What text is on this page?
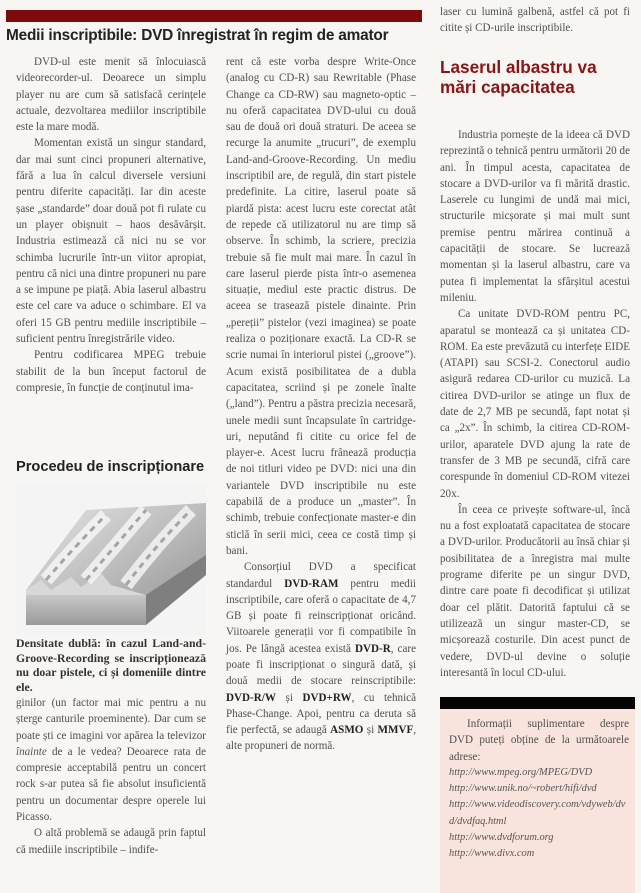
Medii inscriptibile: DVD înregistrat în regim de amator

DVD-ul este menit să înlocuiască videorecorder-ul. Deoarece un simplu player nu are cum să satisfacă cerințele actuale, dezvoltarea mediilor inscriptibile este la mare modă.

Momentan există un singur standard, dar mai sunt cinci propuneri alternative, fără a lua în calcul diversele versiuni pentru diferite capacități. Iar din aceste șase „standarde” doar două pot fi rulate cu un player obișnuit – haos desăvârșit. Industria estimează că nici nu se vor schimba lucrurile într-un viitor apropiat, pentru că nici una dintre propuneri nu pare a se impune pe piață. Abia laserul albastru este cel care va aduce o schimbare. El va oferi 15 GB pentru mediile inscriptibile – suficient pentru înregistrările video.

Pentru codificarea MPEG trebuie stabilit de la bun început factorul de compresie, în funcție de conținutul ima-

Procedeu de inscripționare
Densitate dublă: în cazul Land-and-Groove-Recording se inscripționează nu doar pistele, ci și domeniile dintre ele.

ginilor (un factor mai mic pentru a nu șterge canturile proeminente). Dar cum se poate ști ce imagini vor apărea la televizor înainte de a le vedea? Deoarece rata de compresie acceptabilă pentru un concert rock s-ar putea să fie absolut insuficientă pentru un documentar despre operele lui Picasso.

O altă problemă se adaugă prin faptul că mediile inscriptibile – indife-

rent că este vorba despre Write-Once (analog cu CD-R) sau Rewritable (Phase Change ca CD-RW) sau magneto-optic – nu oferă capacitatea DVD-ului cu două sau de două ori două straturi. De aceea se recurge la anumite „trucuri”, de exemplu Land-and-Groove-Recording. Un mediu inscriptibil are, de regulă, din start pistele predefinite. La citire, laserul poate să piardă pista: acest lucru este corectat atât de repede că utilizatorul nu are timp să observe. În schimb, la scriere, precizia trebuie să fie mult mai mare. În cazul în care laserul pierde pista într-o asemenea situație, mediul este practic distrus. De aceea se trasează pistele dinainte. Prin „pereții” pistelor (vezi imaginea) se poate realiza o poziționare exactă. La CD-R se scrie numai în interiorul pistei („groove”). Acum există posibilitatea de a dubla capacitatea, scriind și pe zonele înalte („land”). Pentru a păstra precizia necesară, unele medii sunt încapsulate în cartridge-uri, neputând fi citite cu orice fel de player-e. Acest lucru frânează producția de noi titluri video pe DVD: nici una din variantele DVD inscriptibile nu este capabilă de a produce un „master”. În schimb, trebuie confecționate master-e din sticlă în serii mici, ceea ce costă timp și bani.

Consorțiul DVD a specificat standardul DVD-RAM pentru medii inscriptibile, care oferă o capacitate de 4,7 GB și poate fi reinscripționat oricând. Viitoarele generații vor fi compatibile în jos. Pe lângă acestea există DVD-R, care poate fi inscripționat o singură dată, și două medii de stocare reinscriptibile: DVD-R/W și DVD+RW, cu tehnică Phase-Change. Apoi, pentru ca deruta să fie perfectă, se adaugă ASMO și MMVF, alte propuneri de normă.

laser cu lumină galbenă, astfel că pot fi citite și CD-urile inscriptibile.

Laserul albastru va mări capacitatea

Industria pornește de la ideea că DVD reprezintă o tehnică pentru următorii 20 de ani. În timpul acesta, capacitatea de stocare a DVD-urilor va fi mărită drastic. Laserele cu lungimi de undă mai mici, structurile micșorate și mai mult sunt premise pentru mărirea continuă a capacității de stocare. Se lucrează momentan și la laserul albastru, care va putea fi implementat la sfârșitul acestui mileniu.

Ca unitate DVD-ROM pentru PC, aparatul se montează ca și unitatea CD-ROM. Ea este prevăzută cu interfețe EIDE (ATAPI) sau SCSI-2. Conectorul audio asigură redarea CD-urilor cu muzică. La citirea DVD-urilor se atinge un flux de date de 2,7 MB pe secundă, fapt notat și ca „2x”. În schimb, la citirea CD-ROM-urilor, aparatele DVD ajung la rate de transfer de 3 MB pe secundă, cifră care corespunde în domeniul CD-ROM vitezei 20x.

În ceea ce privește software-ul, încă nu a fost exploatată capacitatea de stocare a DVD-urilor. Producătorii au însă chiar și posibilitatea de a înregistra mai multe programe diferite pe un singur DVD, dintre care poate fi decodificat și utilizat doar cel plătit. Datorită faptului că se utilizează un singur master-CD, se micșorează costurile. Din acest punct de vedere, DVD-ul devine o soluție interesantă în locul CD-ului.

Informații suplimentare despre DVD puteți obține de la următoarele adrese:

http://www.mpeg.org/MPEG/DVD
http://www.unik.no/~robert/hifi/dvd
http://www.videodiscovery.com/vdyweb/dvd/dvdfaq.html
http://www.dvdforum.org
http://www.divx.com
